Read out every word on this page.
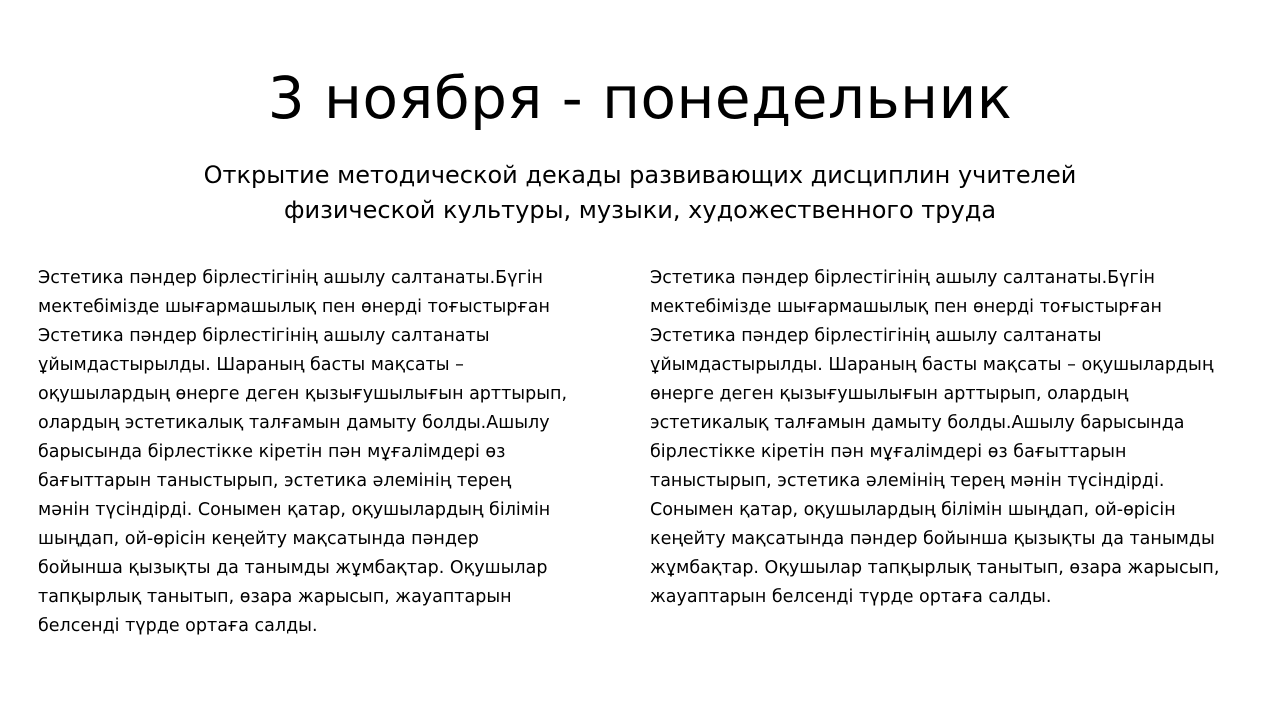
3 ноября - понедельник

Открытие методической декады развивающих дисциплин учителей физической культуры, музыки, художественного труда

Эстетика пәндер бірлестігінің ашылу салтанаты.Бүгін мектебімізде шығармашылық пен өнерді тоғыстырған Эстетика пәндер бірлестігінің ашылу салтанаты ұйымдастырылды. Шараның басты мақсаты – оқушылардың өнерге деген қызығушылығын арттырып, олардың эстетикалық талғамын дамыту болды.Ашылу барысында бірлестікке кіретін пән мұғалімдері өз бағыттарын таныстырып, эстетика әлемінің терең мәнін түсіндірді. Сонымен қатар, оқушылардың білімін шыңдап, ой-өрісін кеңейту мақсатында пәндер бойынша қызықты да танымды жұмбақтар. Оқушылар тапқырлық танытып, өзара жарысып, жауаптарын белсенді түрде ортаға салды.

Эстетика пәндер бірлестігінің ашылу салтанаты.Бүгін мектебімізде шығармашылық пен өнерді тоғыстырған Эстетика пәндер бірлестігінің ашылу салтанаты ұйымдастырылды. Шараның басты мақсаты – оқушылардың өнерге деген қызығушылығын арттырып, олардың эстетикалық талғамын дамыту болды.Ашылу барысында бірлестікке кіретін пән мұғалімдері өз бағыттарын таныстырып, эстетика әлемінің терең мәнін түсіндірді. Сонымен қатар, оқушылардың білімін шыңдап, ой-өрісін кеңейту мақсатында пәндер бойынша қызықты да танымды жұмбақтар. Оқушылар тапқырлық танытып, өзара жарысып, жауаптарын белсенді түрде ортаға салды.
